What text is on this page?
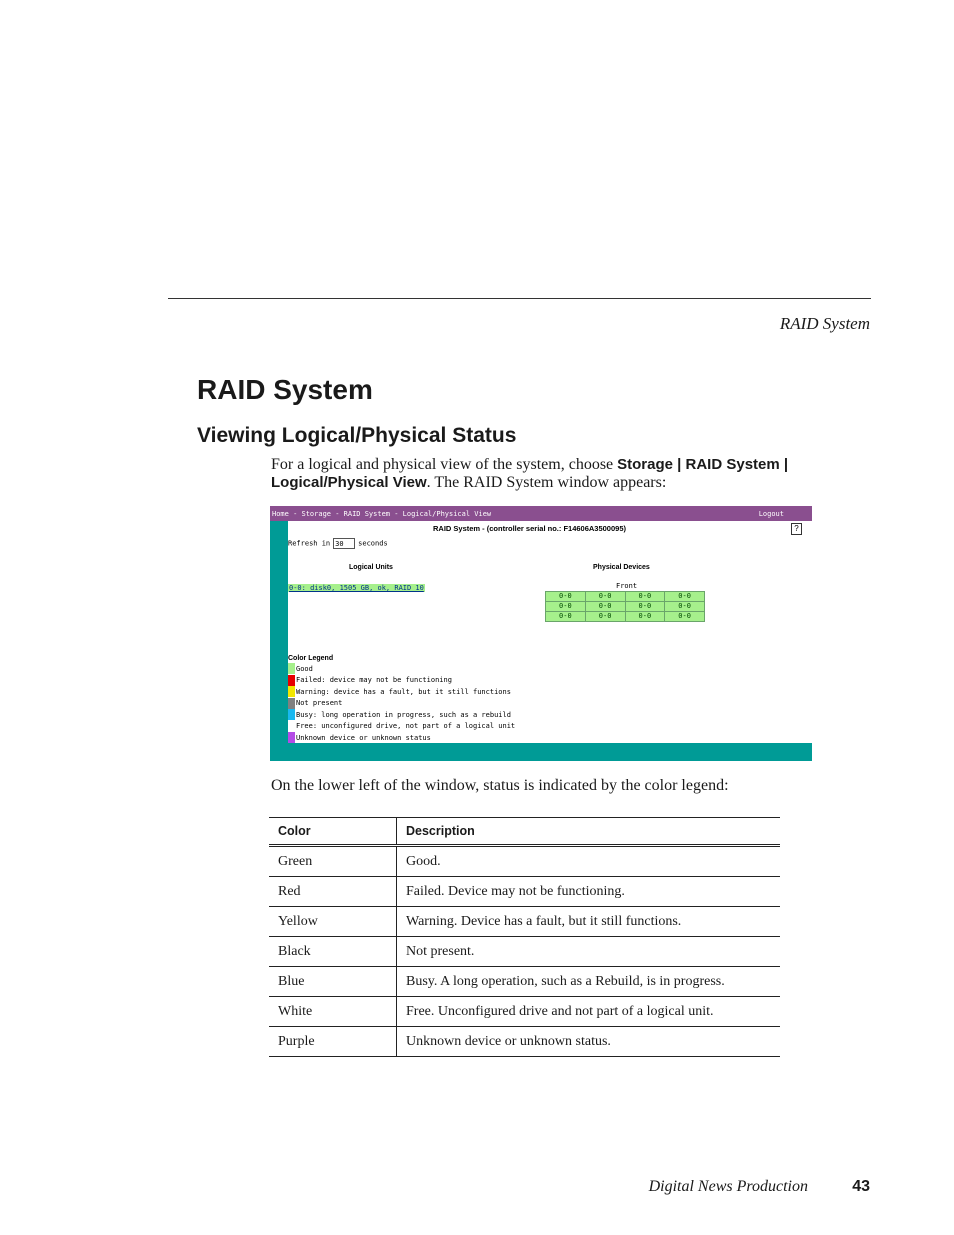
RAID System
RAID System
Viewing Logical/Physical Status

For a logical and physical view of the system, choose Storage | RAID System | Logical/Physical View. The RAID System window appears:

Home - Storage - RAID System - Logical/Physical View	Logout
RAID System - (controller serial no.: F14606A3500095)	?
Refresh in30	seconds
Logical Units
0-0: disk0, 1505 GB, ok, RAID 10
Physical Devices
Front
0-0	0-0	0-0	0-0
0-0	0-0	0-0	0-0
0-0	0-0	0-0	0-0
Color Legend
Good
Failed: device may not be functioning
Warning: device has a fault, but it still functions
Not present
Busy: long operation in progress, such as a rebuild
Free: unconfigured drive, not part of a logical unit
Unknown device or unknown status

On the lower left of the window, status is indicated by the color legend:

Color	Description
Green	Good.
Red	Failed. Device may not be functioning.
Yellow	Warning. Device has a fault, but it still functions.
Black	Not present.
Blue	Busy. A long operation, such as a Rebuild, is in progress.
White	Free. Unconfigured drive and not part of a logical unit.
Purple	Unknown device or unknown status.
Digital News Production	43
